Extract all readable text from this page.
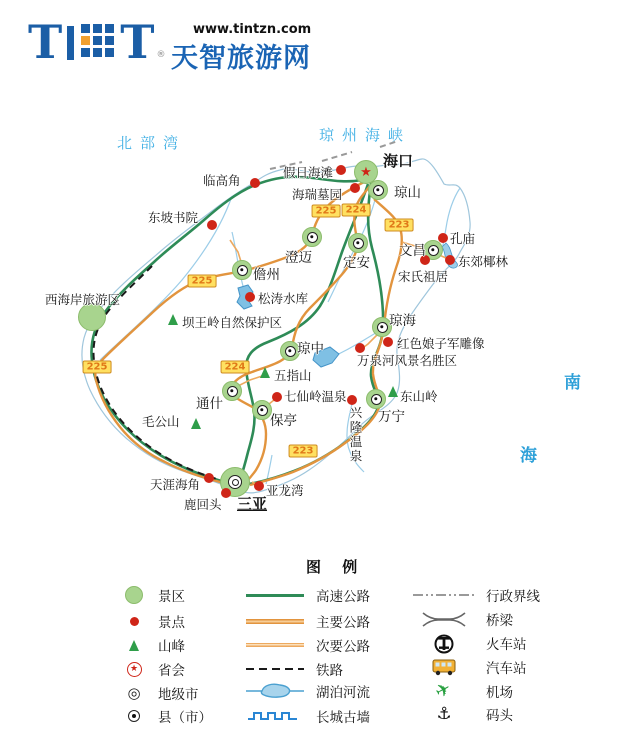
T T ®
www.tintzn.com
天智旅游网
北部湾	琼州海峡
南
海
★
225 224
223
225
224
225
223
海口
琼山
澄迈 定安
儋州
文昌
琼海
琼中
通什
保亭	万宁
三亚
临高角
假日海滩
海瑞墓园
东坡书院
孔庙
东郊椰林
宋氏祖居
松涛水库
西海岸旅游区
红色娘子军雕像
万泉河风景名胜区
七仙岭温泉
兴隆温泉
天涯海角	亚龙湾
鹿回头
坝王岭自然保护区
五指山
毛公山
东山岭
图 例
景区
景点
山峰
★ 省会
◎ 地级市
县（市）
高速公路
主要公路
次要公路
铁路
湖泊河流
长城古墙
行政界线
桥梁
火车站
汽车站
✈ 机场
⚓	码头
